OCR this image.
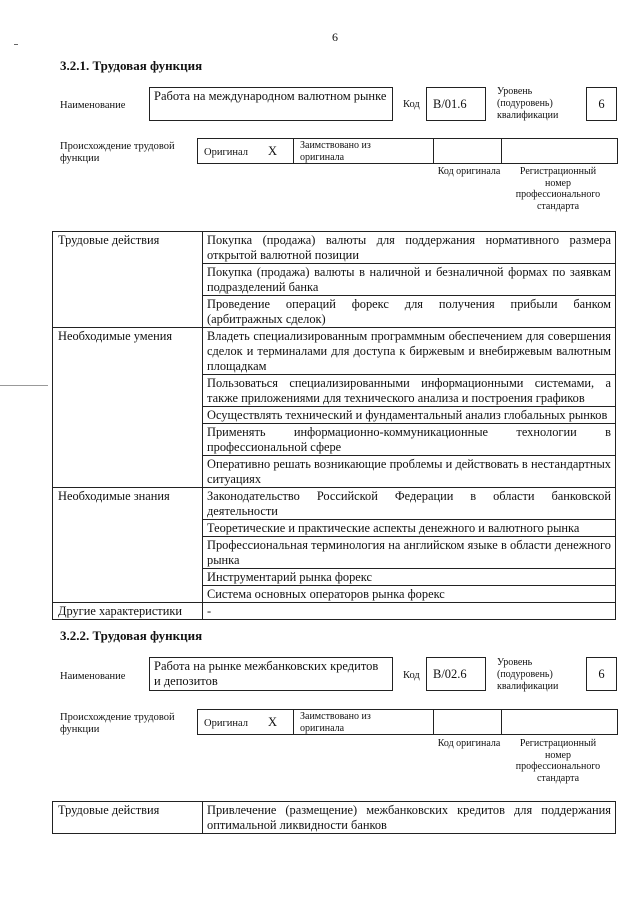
6
3.2.1. Трудовая функция
Наименование
Работа на международном валютном рынке
Код	В/01.6
Уровень (подуровень) квалификации
6
Происхождение трудовой функции
Оригинал X Заимствовано из оригинала
Код оригинала	Регистрационный номер профессионального стандарта
Трудовые действия	Покупка (продажа) валюты для поддержания нормативного размера открытой валютной позиции
	Покупка (продажа) валюты в наличной и безналичной формах по заявкам подразделений банка
	Проведение операций форекс для получения прибыли банком (арбитражных сделок)
Необходимые умения	Владеть специализированным программным обеспечением для совершения сделок и терминалами для доступа к биржевым и внебиржевым валютным площадкам
	Пользоваться специализированными информационными системами, а также приложениями для технического анализа и построения графиков
	Осуществлять технический и фундаментальный анализ глобальных рынков
	Применять информационно-коммуникационные технологии в профессиональной сфере
	Оперативно решать возникающие проблемы и действовать в нестандартных ситуациях
Необходимые знания	Законодательство Российской Федерации в области банковской деятельности
	Теоретические и практические аспекты денежного и валютного рынка
	Профессиональная терминология на английском языке в области денежного рынка
	Инструментарий рынка форекс
	Система основных операторов рынка форекс
Другие характеристики	-
3.2.2. Трудовая функция
Наименование
Работа на рынке межбанковских кредитов и депозитов	Код	В/02.6
Уровень (подуровень) квалификации
6
Происхождение трудовой функции
Оригинал X Заимствовано из оригинала
Код оригинала	Регистрационный номер профессионального стандарта
Трудовые действия	Привлечение (размещение) межбанковских кредитов для поддержания оптимальной ликвидности банков
